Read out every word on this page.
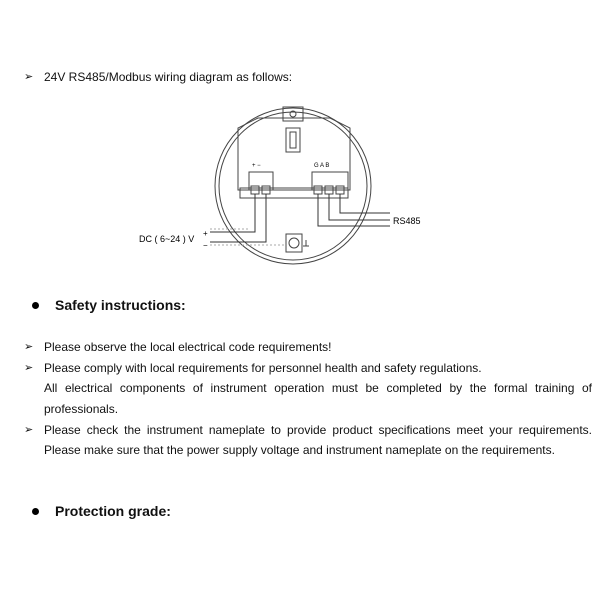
➢ 24V RS485/Modbus wiring diagram as follows:
+ −	G A B
DC ( 6~24 ) V
+
−
RS485
Safety instructions:
➢ Please observe the local electrical code requirements!
➢ Please comply with local requirements for personnel health and safety regulations.
All electrical components of instrument operation must be completed by the formal training of
professionals.
➢ Please check the instrument nameplate to provide product specifications meet your requirements.
Please make sure that the power supply voltage and instrument nameplate on the requirements.
Protection grade:
